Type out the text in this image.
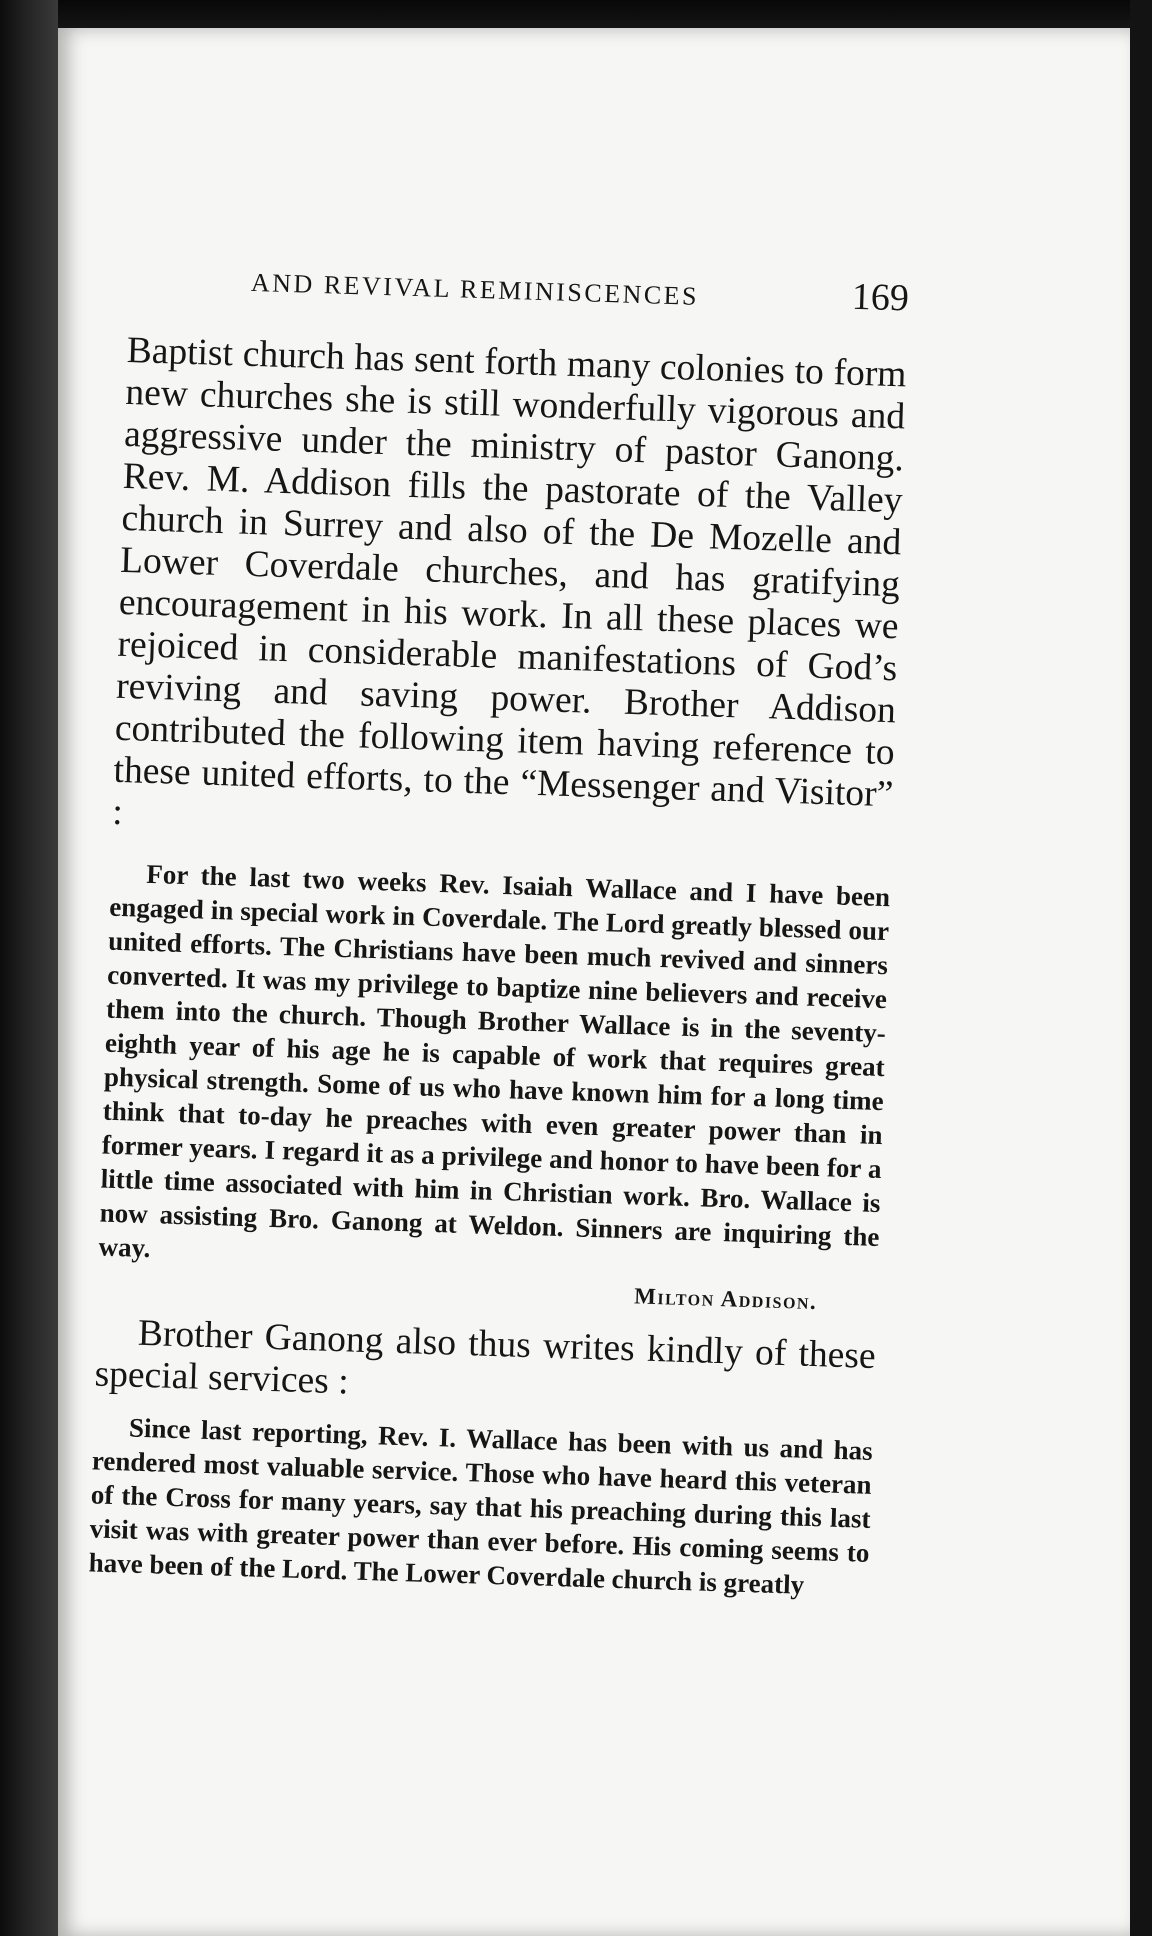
AND REVIVAL REMINISCENCES	169

Baptist church has sent forth many colonies to form new churches she is still wonderfully vigorous and aggressive under the ministry of pastor Ganong. Rev. M. Addison fills the pastorate of the Valley church in Surrey and also of the De Mozelle and Lower Coverdale churches, and has gratifying encouragement in his work. In all these places we rejoiced in considerable manifestations of God’s reviving and saving power. Brother Addison contributed the following item having reference to these united efforts, to the “Messenger and Visitor” :

For the last two weeks Rev. Isaiah Wallace and I have been engaged in special work in Coverdale. The Lord greatly blessed our united efforts. The Christians have been much revived and sinners converted. It was my privilege to baptize nine believers and receive them into the church. Though Brother Wallace is in the seventy-eighth year of his age he is capable of work that requires great physical strength. Some of us who have known him for a long time think that to-day he preaches with even greater power than in former years. I regard it as a privilege and honor to have been for a little time associated with him in Christian work. Bro. Wallace is now assisting Bro. Ganong at Weldon. Sinners are inquiring the way.

Milton Addison.

Brother Ganong also thus writes kindly of these special services :

Since last reporting, Rev. I. Wallace has been with us and has rendered most valuable service. Those who have heard this veteran of the Cross for many years, say that his preaching during this last visit was with greater power than ever before. His coming seems to have been of the Lord. The Lower Coverdale church is greatly
